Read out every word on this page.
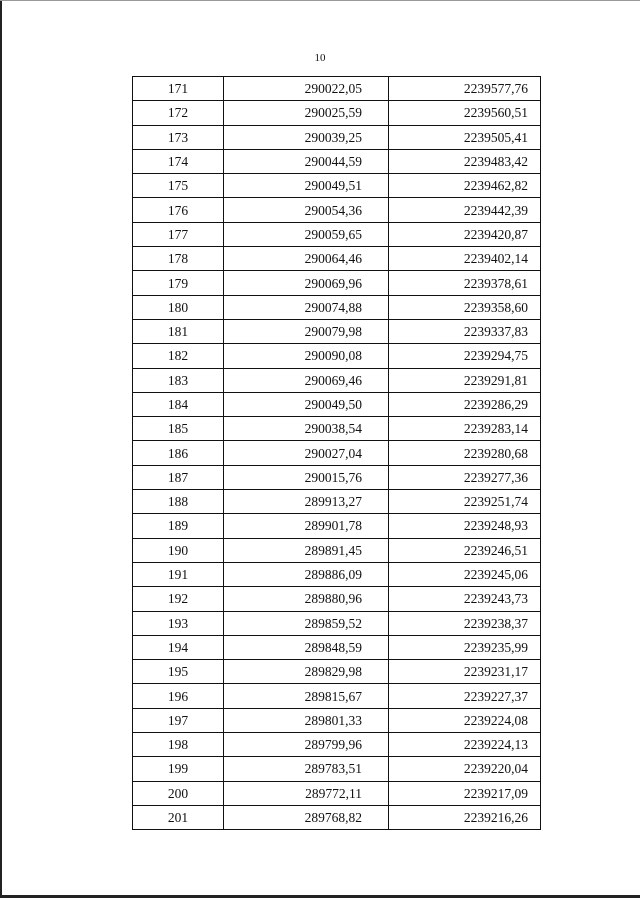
10
171	290022,05	2239577,76
172	290025,59	2239560,51
173	290039,25	2239505,41
174	290044,59	2239483,42
175	290049,51	2239462,82
176	290054,36	2239442,39
177	290059,65	2239420,87
178	290064,46	2239402,14
179	290069,96	2239378,61
180	290074,88	2239358,60
181	290079,98	2239337,83
182	290090,08	2239294,75
183	290069,46	2239291,81
184	290049,50	2239286,29
185	290038,54	2239283,14
186	290027,04	2239280,68
187	290015,76	2239277,36
188	289913,27	2239251,74
189	289901,78	2239248,93
190	289891,45	2239246,51
191	289886,09	2239245,06
192	289880,96	2239243,73
193	289859,52	2239238,37
194	289848,59	2239235,99
195	289829,98	2239231,17
196	289815,67	2239227,37
197	289801,33	2239224,08
198	289799,96	2239224,13
199	289783,51	2239220,04
200	289772,11	2239217,09
201	289768,82	2239216,26
